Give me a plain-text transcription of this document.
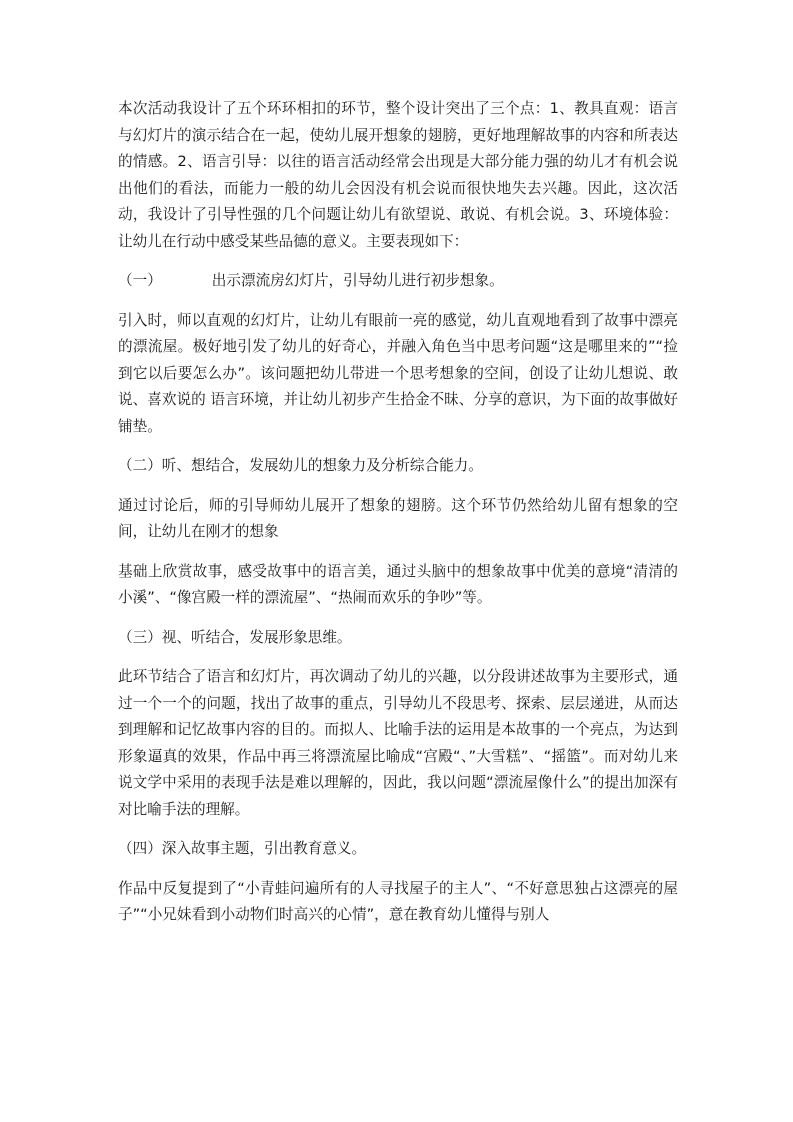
本次活动我设计了五个环环相扣的环节，整个设计突出了三个点：1、教具直观：语言与幻灯片的演示结合在一起，使幼儿展开想象的翅膀，更好地理解故事的内容和所表达的情感。2、语言引导：以往的语言活动经常会出现是大部分能力强的幼儿才有机会说出他们的看法，而能力一般的幼儿会因没有机会说而很快地失去兴趣。因此，这次活动，我设计了引导性强的几个问题让幼儿有欲望说、敢说、有机会说。3、环境体验：让幼儿在行动中感受某些品德的意义。主要表现如下：

（一）	出示漂流房幻灯片，引导幼儿进行初步想象。

引入时，师以直观的幻灯片，让幼儿有眼前一亮的感觉，幼儿直观地看到了故事中漂亮的漂流屋。极好地引发了幼儿的好奇心，并融入角色当中思考问题“这是哪里来的”“捡到它以后要怎么办”。该问题把幼儿带进一个思考想象的空间，创设了让幼儿想说、敢说、喜欢说的 语言环境，并让幼儿初步产生拾金不昧、分享的意识，为下面的故事做好铺垫。

（二）听、想结合，发展幼儿的想象力及分析综合能力。

通过讨论后，师的引导师幼儿展开了想象的翅膀。这个环节仍然给幼儿留有想象的空间，让幼儿在刚才的想象

基础上欣赏故事，感受故事中的语言美，通过头脑中的想象故事中优美的意境“清清的小溪”、“像宫殿一样的漂流屋”、“热闹而欢乐的争吵”等。

（三）视、听结合，发展形象思维。

此环节结合了语言和幻灯片，再次调动了幼儿的兴趣，以分段讲述故事为主要形式，通过一个一个的问题，找出了故事的重点，引导幼儿不段思考、探索、层层递进，从而达到理解和记忆故事内容的目的。而拟人、比喻手法的运用是本故事的一个亮点，为达到形象逼真的效果，作品中再三将漂流屋比喻成“宫殿“、”大雪糕”、“摇篮”。而对幼儿来说文学中采用的表现手法是难以理解的，因此，我以问题“漂流屋像什么”的提出加深有对比喻手法的理解。

（四）深入故事主题，引出教育意义。

作品中反复提到了“小青蛙问遍所有的人寻找屋子的主人”、“不好意思独占这漂亮的屋子”“小兄妹看到小动物们时高兴的心情”，意在教育幼儿懂得与别人
